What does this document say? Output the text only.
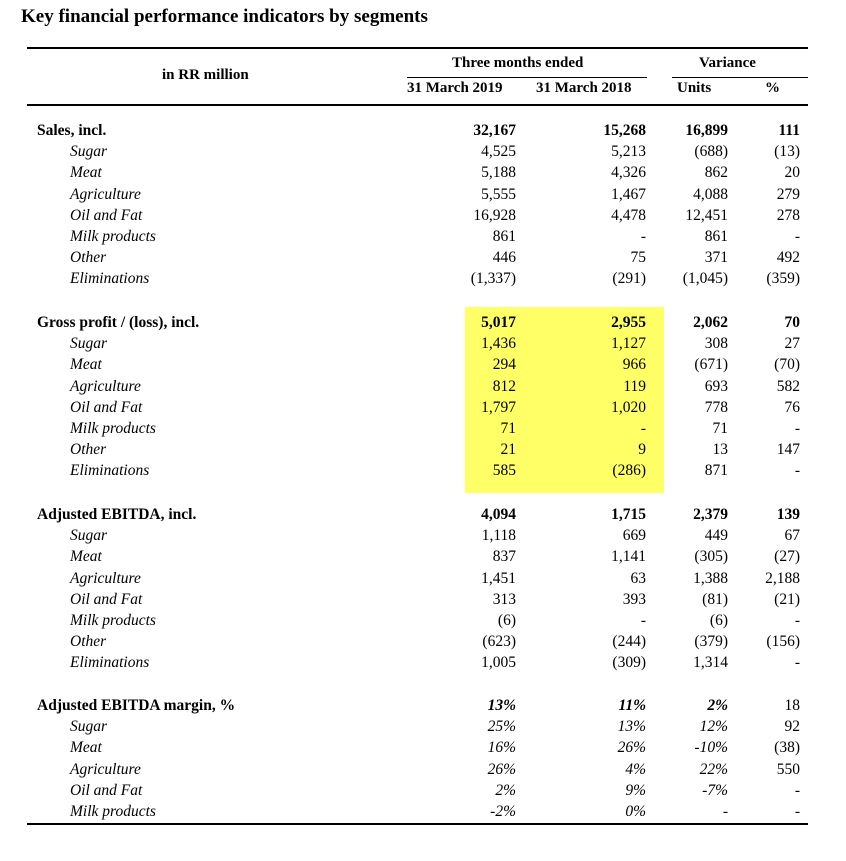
Key financial performance indicators by segments
in RR million
Three months ended
31 March 2019 31 March 2018
Variance
Units	%
Sales, incl.	32,167	15,268	16,899	111
Sugar	4,525	5,213	(688)	(13)
Meat	5,188	4,326	862	20
Agriculture	5,555	1,467	4,088	279
Oil and Fat	16,928	4,478	12,451	278
Milk products	861	-	861	-
Other	446	75	371	492
Eliminations	(1,337)	(291) (1,045) (359)
Gross profit / (loss), incl.	5,017	2,955	2,062	70
Sugar	1,436	1,127	308	27
Meat	294	966	(671)	(70)
Agriculture	812	119	693	582
Oil and Fat	1,797	1,020	778	76
Milk products	71	-	71	-
Other	21	9	13	147
Eliminations	585	(286)	871	-
Adjusted EBITDA, incl.	4,094	1,715	2,379	139
Sugar	1,118	669	449	67
Meat	837	1,141	(305)	(27)
Agriculture	1,451	63	1,388 2,188
Oil and Fat	313	393	(81)	(21)
Milk products	(6)	-	(6)	-
Other	(623)	(244)	(379) (156)
Eliminations	1,005	(309)	1,314	-
Adjusted EBITDA margin, %	13%	11%	2%	18
Sugar	25%	13%	12%	92
Meat	16%	26%	-10%	(38)
Agriculture	26%	4%	22%	550
Oil and Fat	2%	9%	-7%	-
Milk products	-2%	0%	-	-
